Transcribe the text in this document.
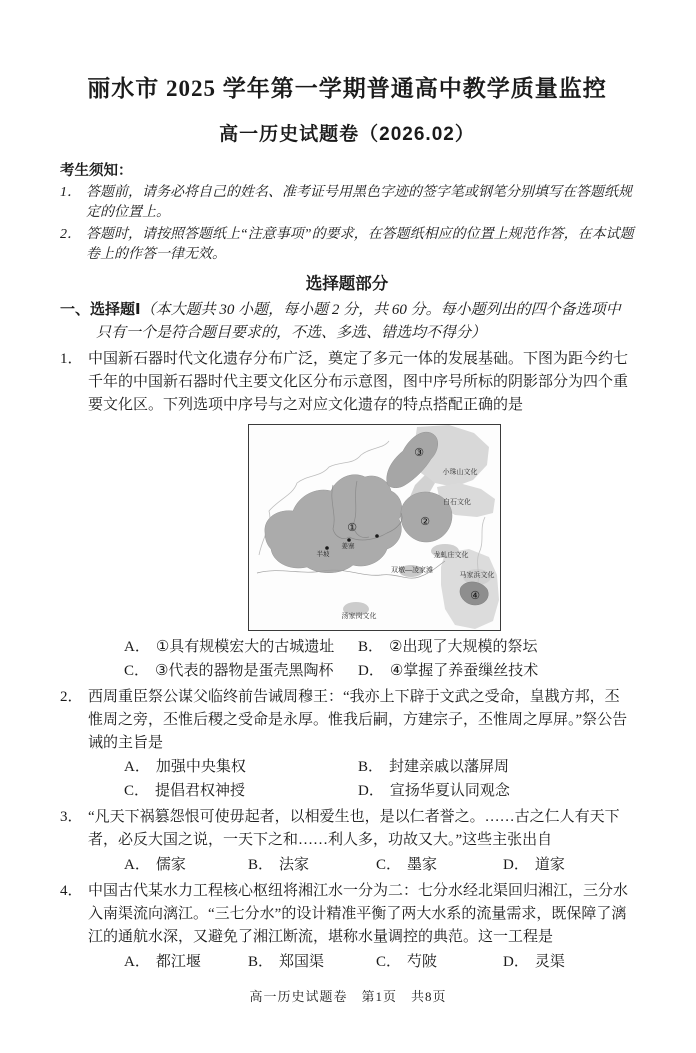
丽水市 2025 学年第一学期普通高中教学质量监控
高一历史试题卷（2026.02）
考生须知：
1． 答题前，请务必将自己的姓名、准考证号用黑色字迹的签字笔或钢笔分别填写在答题纸规定的位置上。
2． 答题时，请按照答题纸上“注意事项”的要求，在答题纸相应的位置上规范作答，在本试题卷上的作答一律无效。
选择题部分
一、选择题Ⅰ（本大题共 30 小题，每小题 2 分，共 60 分。每小题列出的四个备选项中只有一个是符合题目要求的，不选、多选、错选均不得分）
1． 中国新石器时代文化遗存分布广泛，奠定了多元一体的发展基础。下图为距今约七千年的中国新石器时代主要文化区分布示意图，图中序号所标的阴影部分为四个重要文化区。下列选项中序号与之对应文化遗存的特点搭配正确的是
①	②
③
④
半坡
姜寨
小珠山文化
白石文化
龙虬庄文化
双墩—凌家滩
马家浜文化
汤家岗文化
A． ①具有规模宏大的古城遗址	B． ②出现了大规模的祭坛
C． ③代表的器物是蛋壳黑陶杯	D． ④掌握了养蚕缫丝技术
2． 西周重臣祭公谋父临终前告诫周穆王：“我亦上下辟于文武之受命，皇戡方邦，丕惟周之旁，丕惟后稷之受命是永厚。惟我后嗣，方建宗子，丕惟周之厚屏。”祭公告诫的主旨是
A． 加强中央集权	B． 封建亲戚以藩屏周
C． 提倡君权神授	D． 宣扬华夏认同观念
3． “凡天下祸篡怨恨可使毋起者，以相爱生也，是以仁者誉之。……古之仁人有天下者，必反大国之说，一天下之和……利人多，功故又大。”这些主张出自
A． 儒家	B． 法家	C． 墨家	D． 道家
4． 中国古代某水力工程核心枢纽将湘江水一分为二：七分水经北渠回归湘江，三分水入南渠流向漓江。“三七分水”的设计精准平衡了两大水系的流量需求，既保障了漓江的通航水深，又避免了湘江断流，堪称水量调控的典范。这一工程是
A． 都江堰	B． 郑国渠	C． 芍陂	D． 灵渠
高一历史试题卷　第1页　共8页
